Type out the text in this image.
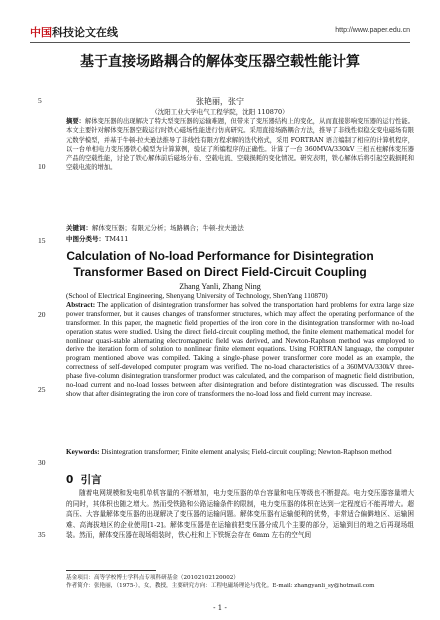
中国科技论文在线	http://www.paper.edu.cn
基于直接场路耦合的解体变压器空载性能计算
5
10
15
20
25
30
35
张艳丽，张宁
（沈阳工业大学电气工程学院，沈阳 110870）
摘要：解体变压器的出现解决了特大型变压器的运输难题，但带来了变压器结构上的变化，从而直接影响变压器的运行性能。本文主要针对解体变压器空载运行时铁心磁场性能进行仿真研究。采用直接场路耦合方法，推导了非线性似稳交变电磁场有限元数学模型，并基于牛顿-拉夫逊法推导了非线性有限方程求解的迭代格式，采用 FORTRAN 语言编制了相应的计算机程序，以一台单相电力变压器铁心模型为计算算例，验证了所编程序的正确性。计算了一台 360MVA/330kV 三相五柱解体变压器产品的空载性能，讨论了铁心解体前后磁场分布、空载电流、空载损耗的变化情况。研究表明，铁心解体后将引起空载损耗和空载电流的增加。
关键词：解体变压器；有限元分析；场路耦合；牛顿-拉夫逊法
中图分类号：TM411
Calculation of No-load Performance for Disintegration Transformer Based on Direct Field-Circuit Coupling
Zhang Yanli, Zhang Ning
(School of Electrical Engineering, Shenyang University of Technology, ShenYang 110870)
Abstract: The application of disintegration transformer has solved the transportation hard problems for extra large size power transformer, but it causes changes of transformer structures, which may affect the operating performance of the transformer. In this paper, the magnetic field properties of the iron core in the disintegration transformer with no-load operation status were studied. Using the direct field-circuit coupling method, the finite element mathematical model for nonlinear quasi-stable alternating electromagnetic field was derived, and Newton-Raphson method was employed to derive the iteration form of solution to nonlinear finite element equations. Using FORTRAN language, the computer program mentioned above was compiled. Taking a single-phase power transformer core model as an example, the correctness of self-developed computer program was verified. The no-load characteristics of a 360MVA/330kV three-phase five-column disintegration transformer product was calculated, and the comparison of magnetic field distribution, no-load current and no-load losses between after disintegration and before distintegration was discussed. The results show that after disintegrating the iron core of transformers the no-load loss and field current may increase.
Keywords: Disintegration transformer; Finite element analysis; Field-circuit coupling; Newton-Raphson method
0 引言
随着电网规模和发电机单机容量的不断增加，电力变压器的单台容量和电压等级也不断提高。电力变压器容量增大的同时，其体积也随之增大。然而受铁路和公路运输条件的限制，电力变压器的体积在达到一定程度后不能再增大。超高压、大容量解体变压器的出现解决了变压器的运输问题。解体变压器有运输便利的优势，非常适合偏僻地区、运输困难、高海拔地区的企业使用[1-2]。解体变压器是在运输前把变压器分成几个主要的部分，运输到目的地之后再现场组装。然而，解体变压器在现场组装时，铁心柱和上下铁轭会存在 6mm 左右的空气间
基金项目：高等学校博士学科点专项科研基金（20102102120002）
作者简介：张艳丽，（1975-），女，教授，主要研究方向：工程电磁场理论与优化。E-mail: zhangyanli_sy@hotmail.com
- 1 -
